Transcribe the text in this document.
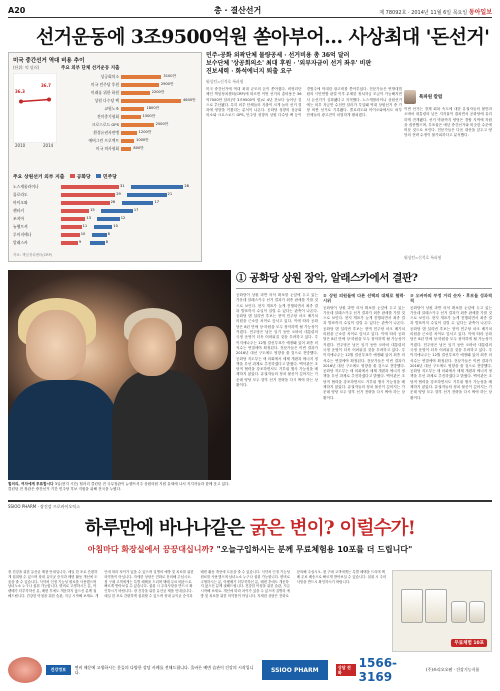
A20	총 · 결산선거	제 78092호 · 2014년 11월 6일 목요일 동아일보
선거운동에 3조9500억원 쏟아부어… 사상최대 '돈선거'
미국 중간선거 역대 비용 추이
(단위: 억 달러)
36.3
36.7
2010	2014
주요 외부 단체 선거운동 지출
상공회의소	3100만
미국 민주당 후원	2900만
미래를 위한 하원	2200만
상원 다수당 팩	4600만
교원노조	1800만
전미총기협회	1500만
크로스로드 GPS	2500만
환경유권자연맹	1200만
에버그린 프로젝트	1000만
미국 의사협회	800만
주요 상원선거 외부 지출	공화당	민주당
노스캐롤라이나	31	28
콜로라도	29	21
아이오와	26	17
켄터키	15	17
조지아	13	12
뉴햄프셔	11	10
루이지애나	10	8
알래스카	9	8
자료: 책임정치센터(CRP)
민주-공화 외곽단체 물량공세 · 선거비용 총 36억 달러
보수단체 '상공회의소' 최대 후원 · '외부자금이 선거 좌우' 비판
진보세력 · 화석에너지 퇴출 요구
워싱턴=신석호 특파원
미국 중간선거에 역대 최대 규모의 돈이 쏟아졌다. 비영리단체인 책임정치센터(CRP)에 따르면 이번 선거의 총비용은 36억7000만 달러(약 3조9500억 원)로 4년 전보다 늘어난 것으로 추산됐다. 특히 외부 단체들의 지출이 크게 늘어 선거 결과에 영향을 끼쳤다는 분석이 나온다. 공화당 성향의 상공회의소와 크로스로드 GPS, 민주당 성향의 상원 다수당 팩 등이 경합주에 막대한 광고비를 쏟아부었다. 전문가들은 연방대법원의 시민연합 판결 이후 무제한 정치자금 모금이 가능해지면서 돈선거가 심화됐다고 지적했다. 노스캐롤라이나 상원선거에는 외부 자금만 수천만 달러가 투입돼 역대 상원선거 중 가장 비싼 선거로 기록됐다. 콜로라도와 아이오와에서도 외부 단체들의 광고전이 치열하게 펼쳐졌다.
특파원 칼럼
이번 선거는 경제 회복 속도에 대한 유권자들의 불만과 오바마 대통령의 낮은 지지율이 겹치면서 공화당에 유리하게 전개됐다. 선거 막판까지 양당은 경합 지역에 자원을 집중했으며, 투표율은 예년 중간선거와 비슷한 수준에 머문 것으로 보인다. 전문가들은 다음 대선을 앞두고 양당의 전략 수정이 불가피하다고 분석했다.
워싱턴=신석호 특파원
힐러리, 여자에게 투표합시다 3일(현지 시간) 힐러리 클린턴 전 국무장관이 뉴햄프셔주 상원의원 지원 유세에 나서 지지자들과 함께 웃고 있다. 클린턴 전 장관은 중간선거 기간 민주당 후보 지원을 위해 전국을 누볐다.
① 공화당 상원 장악, 알래스카에서 결판?
공화당이 상원 과반 의석 확보를 눈앞에 두고 있는 가운데 알래스카주 선거 결과가 최종 판세를 가를 것으로 보인다. 현지 개표가 늦게 진행되면서 최종 결과 발표까지 수일이 걸릴 수 있다는 관측이 나온다. 공화당 댄 설리번 후보는 현역 민주당 마크 베기치 의원을 근소한 차이로 앞서고 있다. 이에 따라 공화당은 8년 만에 상·하원을 모두 장악하게 될 가능성이 커졌다. 민주당은 남은 임기 동안 오바마 대통령의 국정 운영이 더욱 어려워질 것을 우려하고 있다. 루이지애나주는 12월 결선투표가 예정돼 있어 최종 의석수는 연말에야 확정된다. 전문가들은 이번 결과가 2016년 대선 구도에도 영향을 줄 것으로 전망했다. 공화당 지도부는 새 의회에서 세제 개편과 에너지 정책을 우선 과제로 추진하겠다고 밝혔다. 백악관은 초당적 협력을 강조하면서도 거부권 행사 가능성을 배제하지 않았다. 유권자들의 정치 불신이 깊어지는 가운데 양당 모두 향후 선거 전략을 다시 짜야 하는 상황이다.
② 상원 의원들에 다른 선택의 대체로 협력·시위
공화당이 상원 과반 의석 확보를 눈앞에 두고 있는 가운데 알래스카주 선거 결과가 최종 판세를 가를 것으로 보인다. 현지 개표가 늦게 진행되면서 최종 결과 발표까지 수일이 걸릴 수 있다는 관측이 나온다. 공화당 댄 설리번 후보는 현역 민주당 마크 베기치 의원을 근소한 차이로 앞서고 있다. 이에 따라 공화당은 8년 만에 상·하원을 모두 장악하게 될 가능성이 커졌다. 민주당은 남은 임기 동안 오바마 대통령의 국정 운영이 더욱 어려워질 것을 우려하고 있다. 루이지애나주는 12월 결선투표가 예정돼 있어 최종 의석수는 연말에야 확정된다. 전문가들은 이번 결과가 2016년 대선 구도에도 영향을 줄 것으로 전망했다. 공화당 지도부는 새 의회에서 세제 개편과 에너지 정책을 우선 과제로 추진하겠다고 밝혔다. 백악관은 초당적 협력을 강조하면서도 거부권 행사 가능성을 배제하지 않았다. 유권자들의 정치 불신이 깊어지는 가운데 양당 모두 향후 선거 전략을 다시 짜야 하는 상황이다.
③ 오바마의 부정 거리 숫자 · 후보들 성과적 적
공화당이 상원 과반 의석 확보를 눈앞에 두고 있는 가운데 알래스카주 선거 결과가 최종 판세를 가를 것으로 보인다. 현지 개표가 늦게 진행되면서 최종 결과 발표까지 수일이 걸릴 수 있다는 관측이 나온다. 공화당 댄 설리번 후보는 현역 민주당 마크 베기치 의원을 근소한 차이로 앞서고 있다. 이에 따라 공화당은 8년 만에 상·하원을 모두 장악하게 될 가능성이 커졌다. 민주당은 남은 임기 동안 오바마 대통령의 국정 운영이 더욱 어려워질 것을 우려하고 있다. 루이지애나주는 12월 결선투표가 예정돼 있어 최종 의석수는 연말에야 확정된다. 전문가들은 이번 결과가 2016년 대선 구도에도 영향을 줄 것으로 전망했다. 공화당 지도부는 새 의회에서 세제 개편과 에너지 정책을 우선 과제로 추진하겠다고 밝혔다. 백악관은 초당적 협력을 강조하면서도 거부권 행사 가능성을 배제하지 않았다. 유권자들의 정치 불신이 깊어지는 가운데 양당 모두 향후 선거 전략을 다시 짜야 하는 상황이다.
SSIOO PHARM · 장건강 프로바이오틱스
하루만에 바나나같은 굵은 변이? 이럴수가!
아침마다 화장실에서 끙끙대십니까? "오늘구입하시는 분께 무료체험용 10포를 더 드립니다"
장 건강을 위한 유산균 제품 안내입니다. 매일 한 포로 간편하게 섭취할 수 있으며 장내 유익균 증식과 배변 활동 개선에 도움을 줄 수 있습니다. 식약처 인정 기능성 원료를 사용했으며 남녀노소 누구나 섭취 가능합니다. 변비로 고생하시는 분, 아랫배가 더부룩하신 분, 배변 후에도 개운하지 않으신 분께 권해드립니다. 건강한 아침을 위한 습관, 지금 시작해 보세요. 개인에 따라 차이가 있을 수 있으며 질병의 예방 및 치료를 위한 의약품이 아닙니다. 자세한 상담은 전화로 문의해 주십시오. 첫 구매 고객에게는 특별 혜택을 드리며 택배 무료 배송으로 빠르게 받아보실 수 있습니다. 섭취 시 주의사항을 반드시 확인하시기 바랍니다. 장 건강을 위한 유산균 제품 안내입니다. 매일 한 포로 간편하게 섭취할 수 있으며 장내 유익균 증식과 배변 활동 개선에 도움을 줄 수 있습니다. 식약처 인정 기능성 원료를 사용했으며 남녀노소 누구나 섭취 가능합니다. 변비로 고생하시는 분, 아랫배가 더부룩하신 분, 배변 후에도 개운하지 않으신 분께 권해드립니다. 건강한 아침을 위한 습관, 지금 시작해 보세요. 개인에 따라 차이가 있을 수 있으며 질병의 예방 및 치료를 위한 의약품이 아닙니다. 자세한 상담은 전화로 문의해 주십시오. 첫 구매 고객에게는 특별 혜택을 드리며 택배 무료 배송으로 빠르게 받아보실 수 있습니다. 섭취 시 주의사항을 반드시 확인하시기 바랍니다.
무료체험 10포
건강정보	변비 때문에 고생하시는 분들의 다양한 상담 사례를 전해드립니다. 올바른 배변 습관이 건강의 시작입니다.	SSIOO PHARM	상담 전화
1566-3169
(주)쓰리오오팜 · 건강기능식품
